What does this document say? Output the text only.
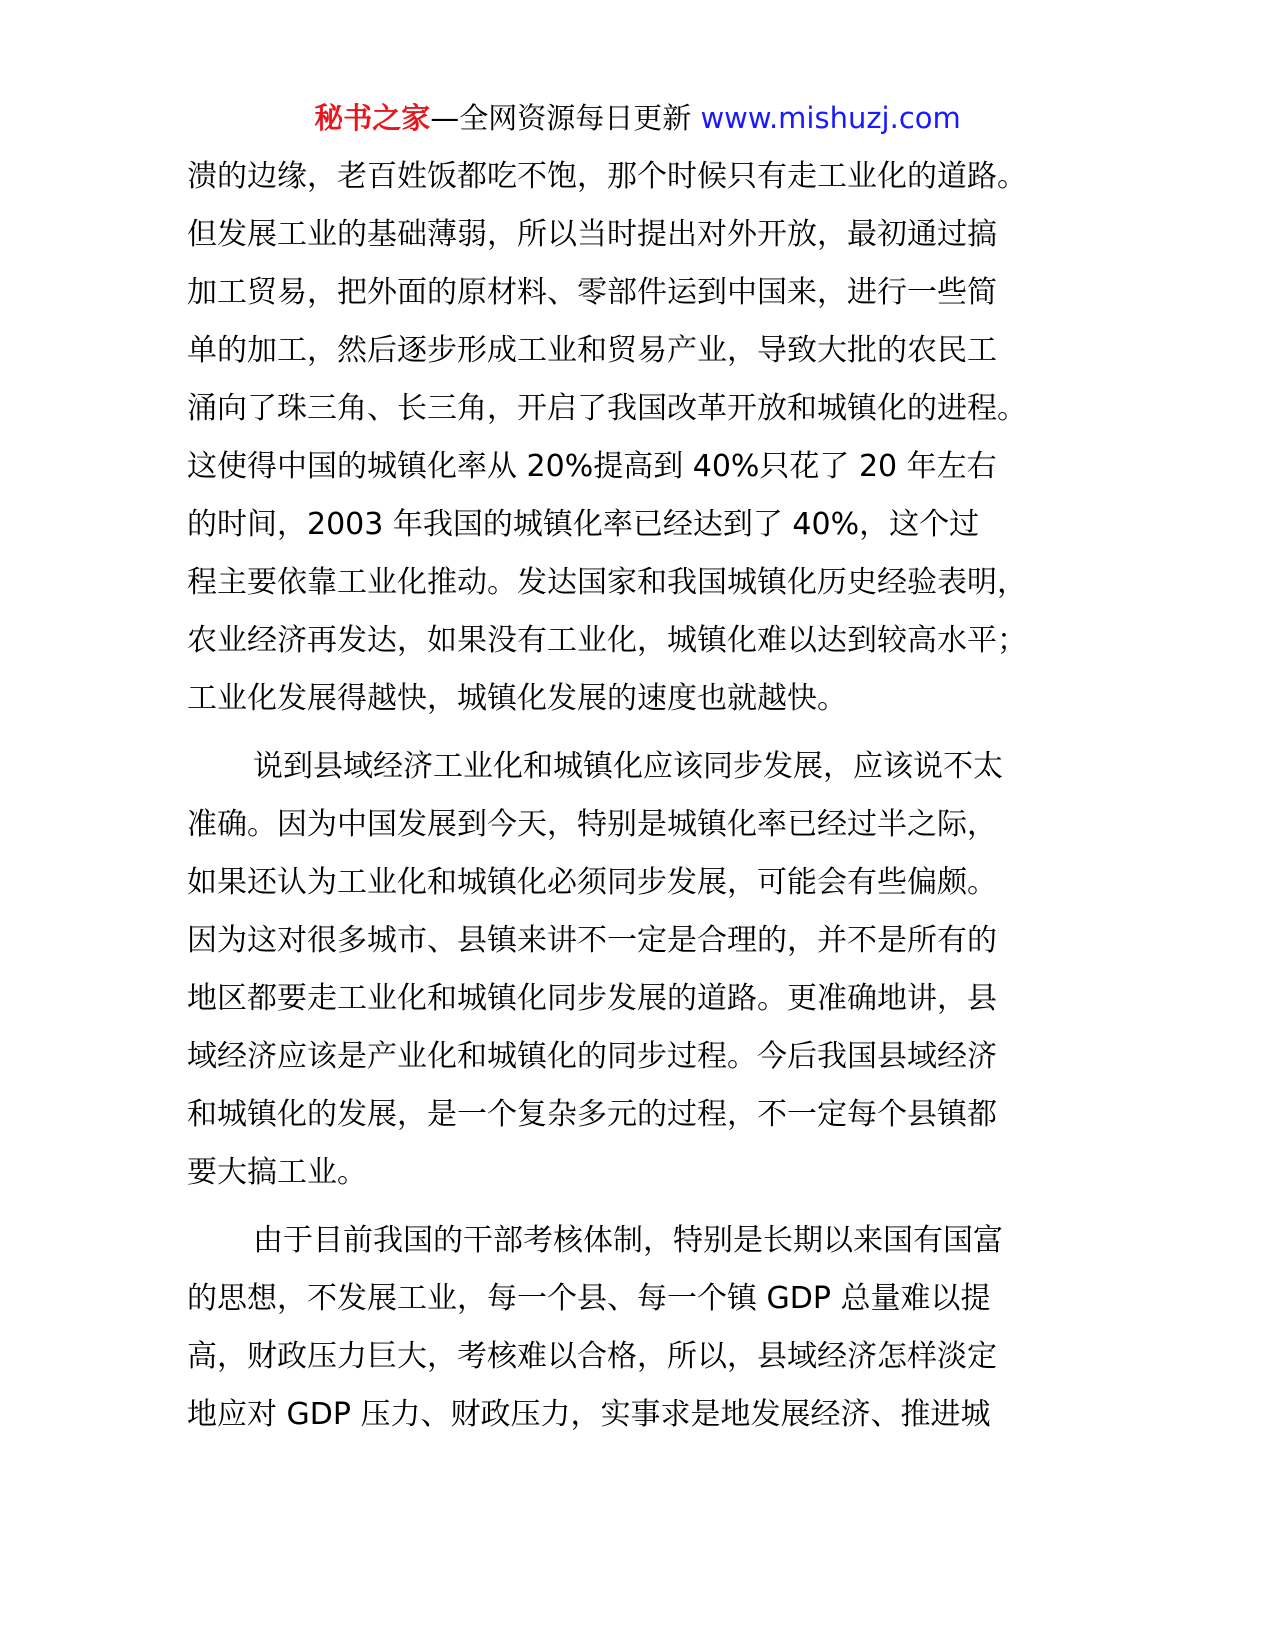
秘书之家—全网资源每日更新 www.mishuzj.com
溃的边缘，老百姓饭都吃不饱，那个时候只有走工业化的道路。
但发展工业的基础薄弱，所以当时提出对外开放，最初通过搞
加工贸易，把外面的原材料、零部件运到中国来，进行一些简
单的加工，然后逐步形成工业和贸易产业，导致大批的农民工
涌向了珠三角、长三角，开启了我国改革开放和城镇化的进程。
这使得中国的城镇化率从 20%提高到 40%只花了 20 年左右
的时间，2003 年我国的城镇化率已经达到了 40%，这个过
程主要依靠工业化推动。发达国家和我国城镇化历史经验表明，
农业经济再发达，如果没有工业化，城镇化难以达到较高水平；
工业化发展得越快，城镇化发展的速度也就越快。
说到县域经济工业化和城镇化应该同步发展，应该说不太
准确。因为中国发展到今天，特别是城镇化率已经过半之际，
如果还认为工业化和城镇化必须同步发展，可能会有些偏颇。
因为这对很多城市、县镇来讲不一定是合理的，并不是所有的
地区都要走工业化和城镇化同步发展的道路。更准确地讲，县
域经济应该是产业化和城镇化的同步过程。今后我国县域经济
和城镇化的发展，是一个复杂多元的过程，不一定每个县镇都
要大搞工业。
由于目前我国的干部考核体制，特别是长期以来国有国富
的思想，不发展工业，每一个县、每一个镇 GDP 总量难以提
高，财政压力巨大，考核难以合格，所以，县域经济怎样淡定
地应对 GDP 压力、财政压力，实事求是地发展经济、推进城
